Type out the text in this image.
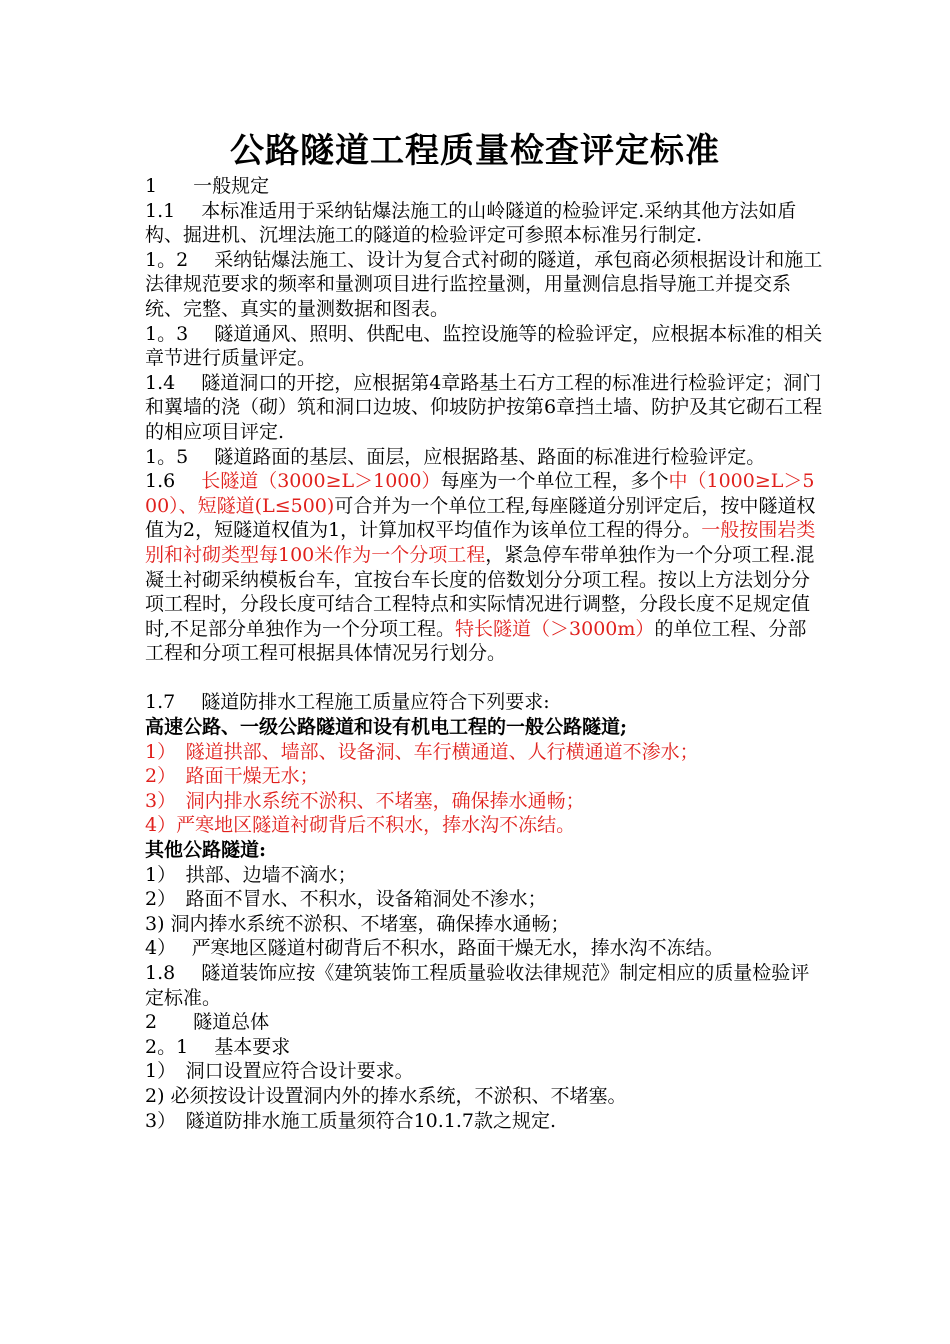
公路隧道工程质量检查评定标准
1 一般规定
1.1 本标准适用于采纳钻爆法施工的山岭隧道的检验评定.采纳其他方法如盾构、掘进机、沉埋法施工的隧道的检验评定可参照本标准另行制定.
1。2 采纳钻爆法施工、设计为复合式衬砌的隧道，承包商必须根据设计和施工法律规范要求的频率和量测项目进行监控量测，用量测信息指导施工并提交系统、完整、真实的量测数据和图表。
1。3 隧道通风、照明、供配电、监控设施等的检验评定，应根据本标准的相关章节进行质量评定。
1.4 隧道洞口的开挖，应根据第4章路基土石方工程的标准进行检验评定；洞门和翼墙的浇（砌）筑和洞口边坡、仰坡防护按第6章挡土墙、防护及其它砌石工程的相应项目评定.
1。5 隧道路面的基层、面层，应根据路基、路面的标准进行检验评定。
1.6 长隧道（3000≥L＞1000）每座为一个单位工程，多个中（1000≥L＞500）、短隧道(L≤500)可合并为一个单位工程,每座隧道分别评定后，按中隧道权值为2，短隧道权值为1，计算加权平均值作为该单位工程的得分。一般按围岩类别和衬砌类型每100米作为一个分项工程，紧急停车带单独作为一个分项工程.混凝土衬砌采纳模板台车，宜按台车长度的倍数划分分项工程。按以上方法划分分项工程时，分段长度可结合工程特点和实际情况进行调整，分段长度不足规定值时,不足部分单独作为一个分项工程。特长隧道（＞3000m）的单位工程、分部工程和分项工程可根据具体情况另行划分。
1.7 隧道防排水工程施工质量应符合下列要求:
高速公路、一级公路隧道和设有机电工程的一般公路隧道;
1）　隧道拱部、墙部、设备洞、车行横通道、人行横通道不渗水；
2）　路面干燥无水；
3）　洞内排水系统不淤积、不堵塞，确保捧水通畅；
4）严寒地区隧道衬砌背后不积水，捧水沟不冻结。
其他公路隧道:
1）　拱部、边墙不滴水；
2）　路面不冒水、不积水，设备箱洞处不渗水；
3) 洞内捧水系统不淤积、不堵塞，确保捧水通畅；
4）　 严寒地区隧道村砌背后不积水，路面干燥无水，捧水沟不冻结。
1.8 隧道装饰应按《建筑装饰工程质量验收法律规范》制定相应的质量检验评定标准。
2 隧道总体
2。1 基本要求
1）　洞口设置应符合设计要求。
2) 必须按设计设置洞内外的捧水系统，不淤积、不堵塞。
3）　隧道防排水施工质量须符合10.1.7款之规定.
